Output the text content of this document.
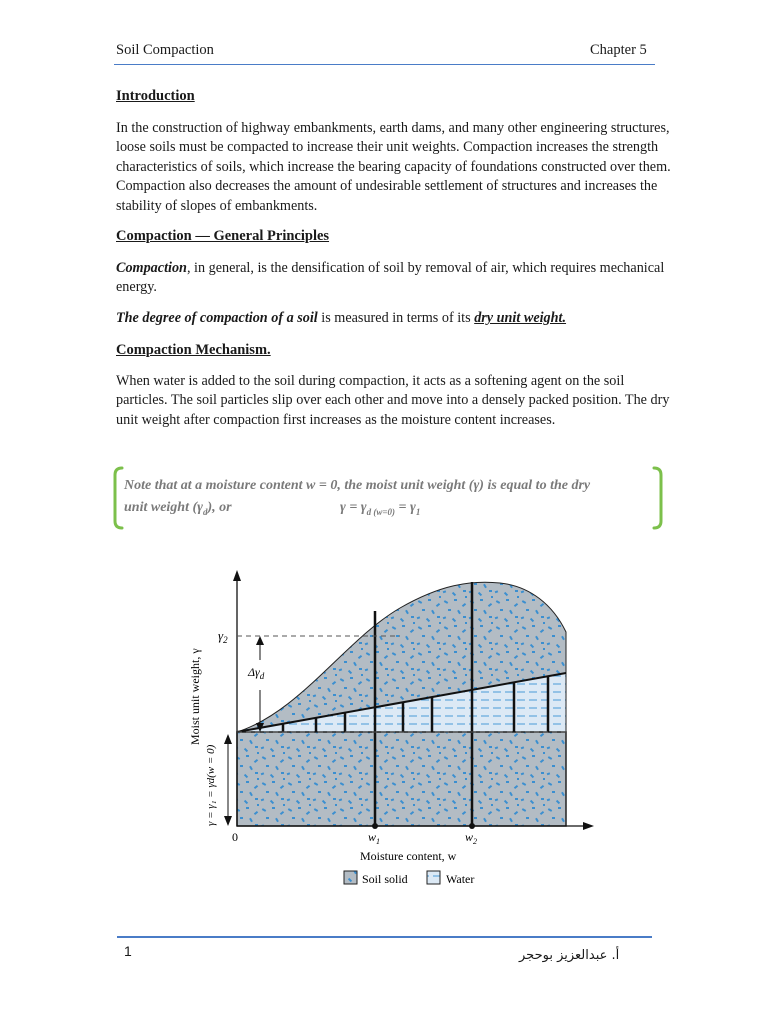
Soil Compaction	Chapter 5
Introduction
In the construction of highway embankments, earth dams, and many other engineering structures, loose soils must be compacted to increase their unit weights. Compaction increases the strength characteristics of soils, which increase the bearing capacity of foundations constructed over them. Compaction also decreases the amount of undesirable settlement of structures and increases the stability of slopes of embankments.
Compaction — General Principles
Compaction, in general, is the densification of soil by removal of air, which requires mechanical energy.
The degree of compaction of a soil is measured in terms of its dry unit weight.
Compaction Mechanism.
When water is added to the soil during compaction, it acts as a softening agent on the soil particles. The soil particles slip over each other and move into a densely packed position. The dry unit weight after compaction first increases as the moisture content increases.
Note that at a moisture content w = 0, the moist unit weight (γ) is equal to the dry
unit weight $(\gamma_d)$, or	$\gamma = \gamma_{d (w=0)} = \gamma_1$
$\gamma_2$
$\Delta\gamma_d$
Moist unit weight, γ
γ = γ₁ = γd(w = 0)
0	$w_1$	$w_2$
Moisture content, w
Soil solid	Water
1	أ. عبدالعزيز بوحجر
